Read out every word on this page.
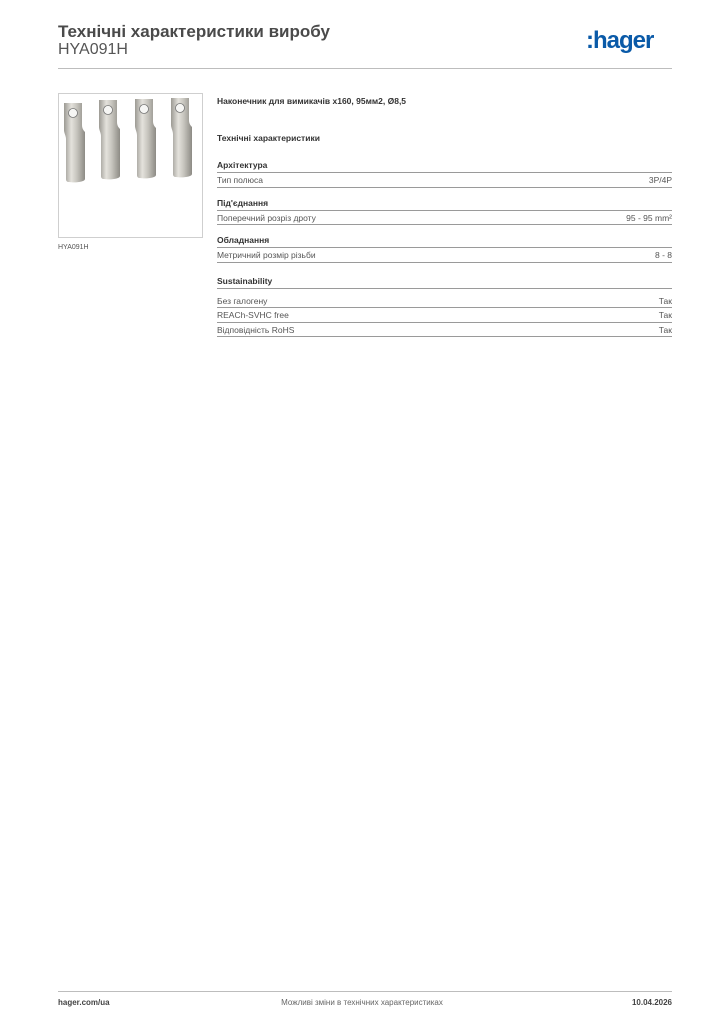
Технічні характеристики виробу
HYA091H	:hager
HYA091H
Наконечник для вимикачів x160, 95мм2, Ø8,5
Технічні характеристики
Архітектура
Тип полюса	3P/4P
Під'єднання
Поперечний розріз дроту	95 - 95 mm²
Обладнання
Метричний розмір різьби	8 - 8
Sustainability
Без галогену	Так
REACh-SVHC free	Так
Відповідність RoHS	Так
hager.com/ua	Можливі зміни в технічних характеристиках	10.04.2026
